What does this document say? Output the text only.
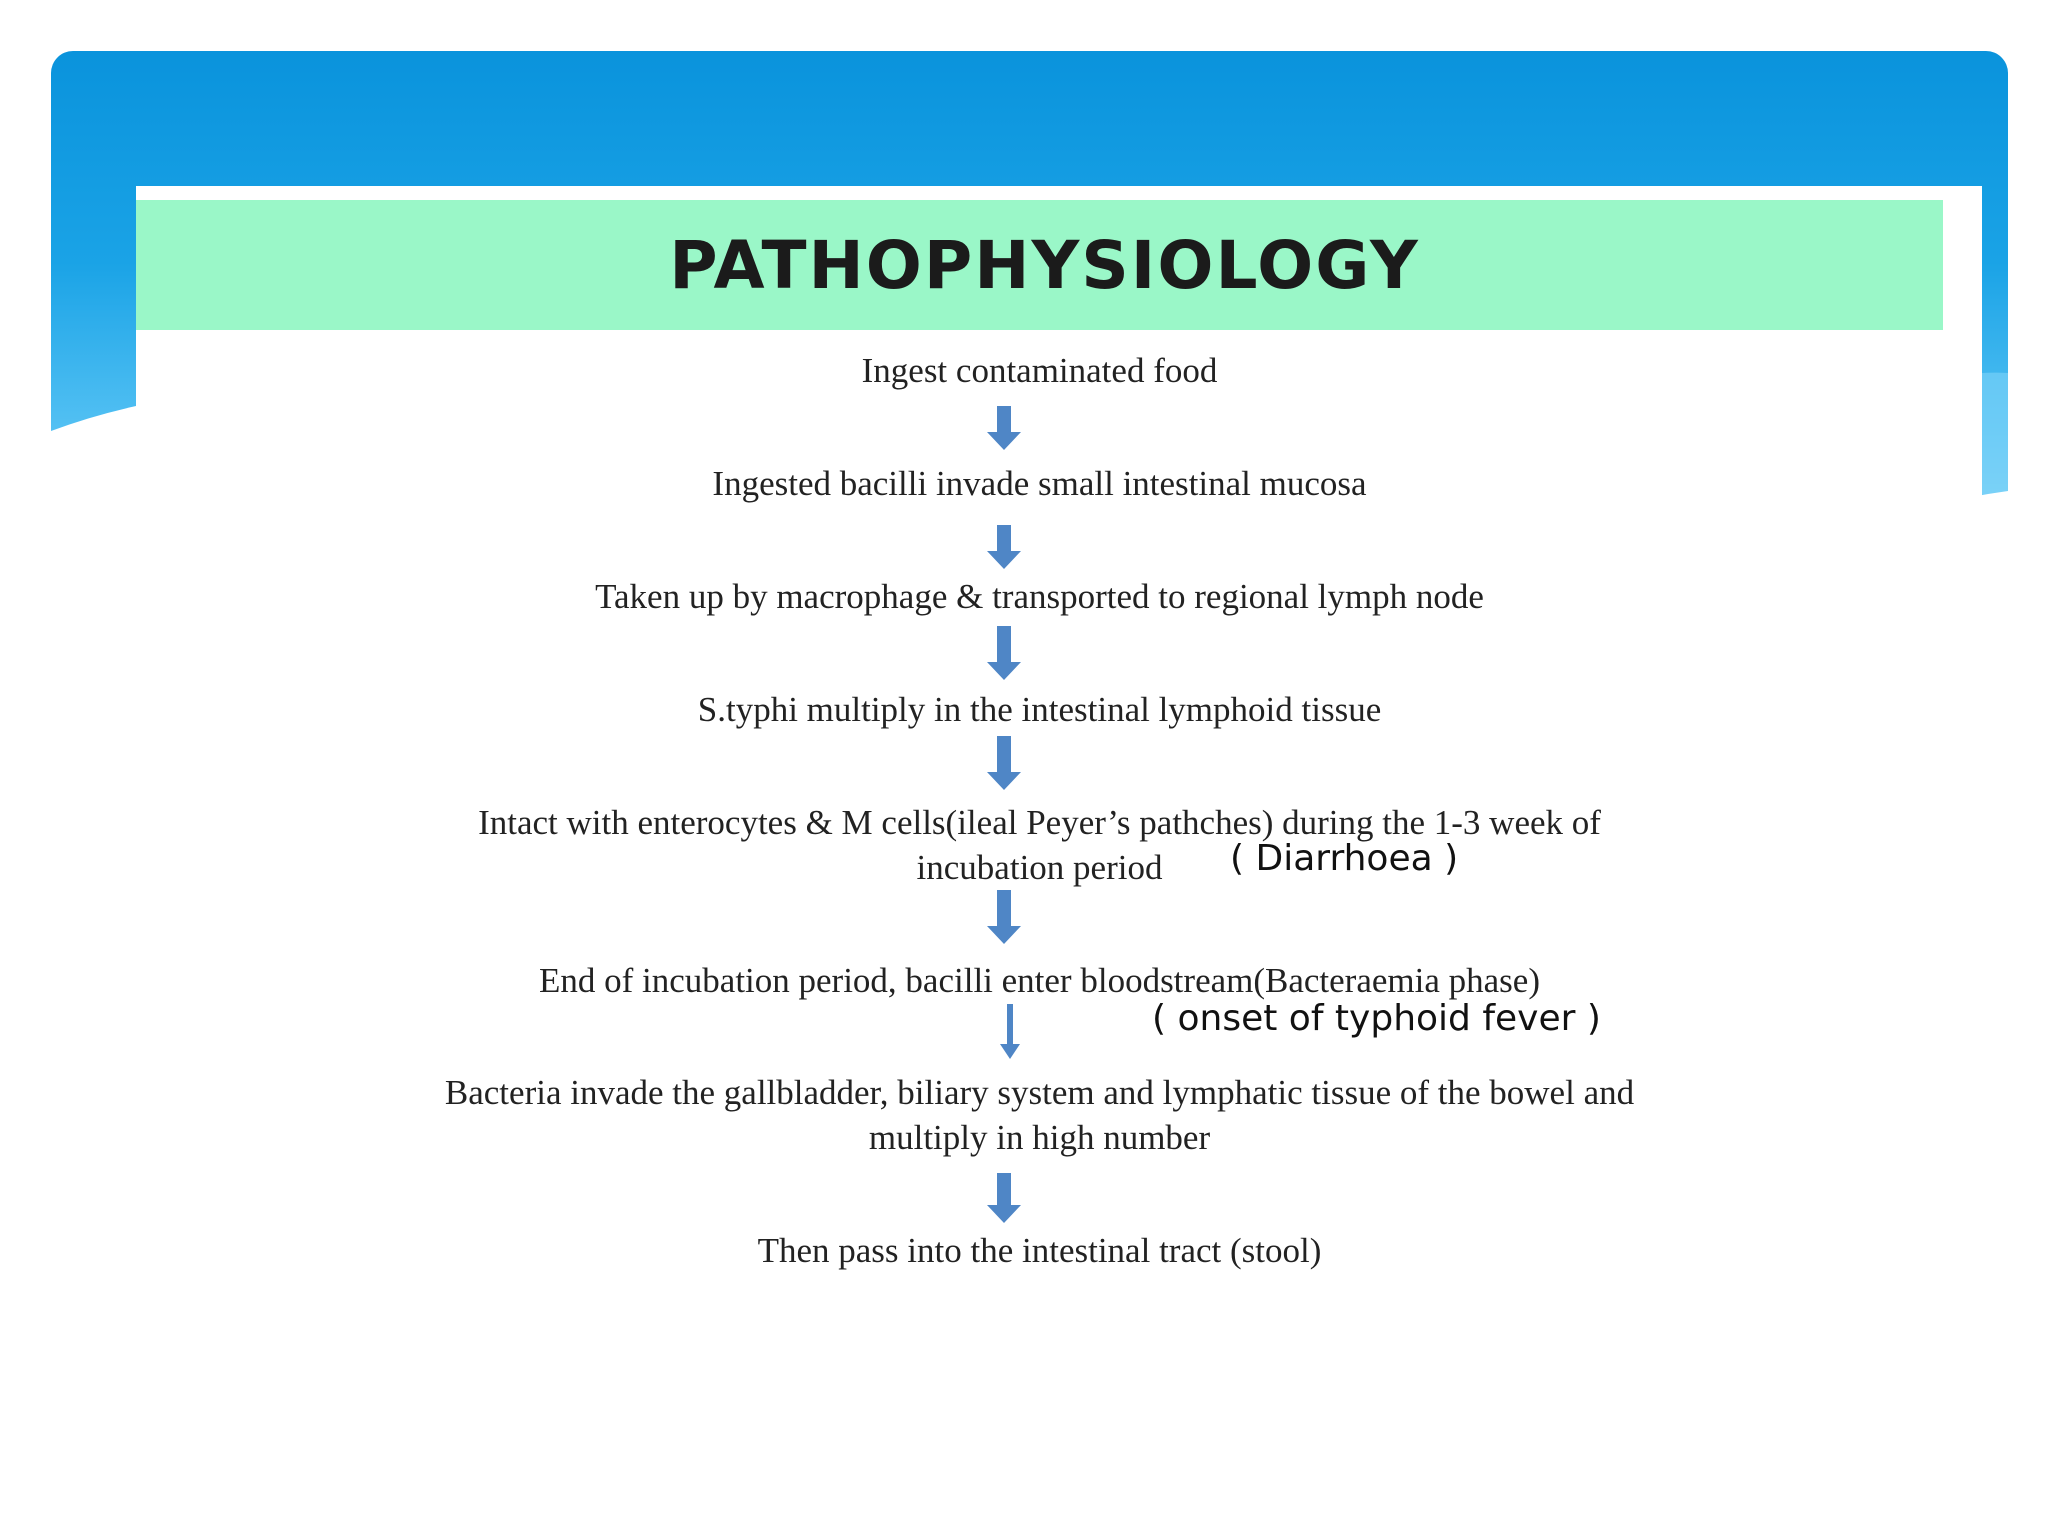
PATHOPHYSIOLOGY
Ingest contaminated food
Ingested bacilli invade small intestinal mucosa
Taken up by macrophage & transported to regional lymph node
S.typhi multiply in the intestinal lymphoid tissue
Intact with enterocytes & M cells(ileal Peyer’s pathches) during the 1-3 week of
incubation period	( Diarrhoea )
End of incubation period, bacilli enter bloodstream(Bacteraemia phase)
( onset of typhoid fever )
Bacteria invade the gallbladder, biliary system and lymphatic tissue of the bowel and
multiply in high number
Then pass into the intestinal tract (stool)
